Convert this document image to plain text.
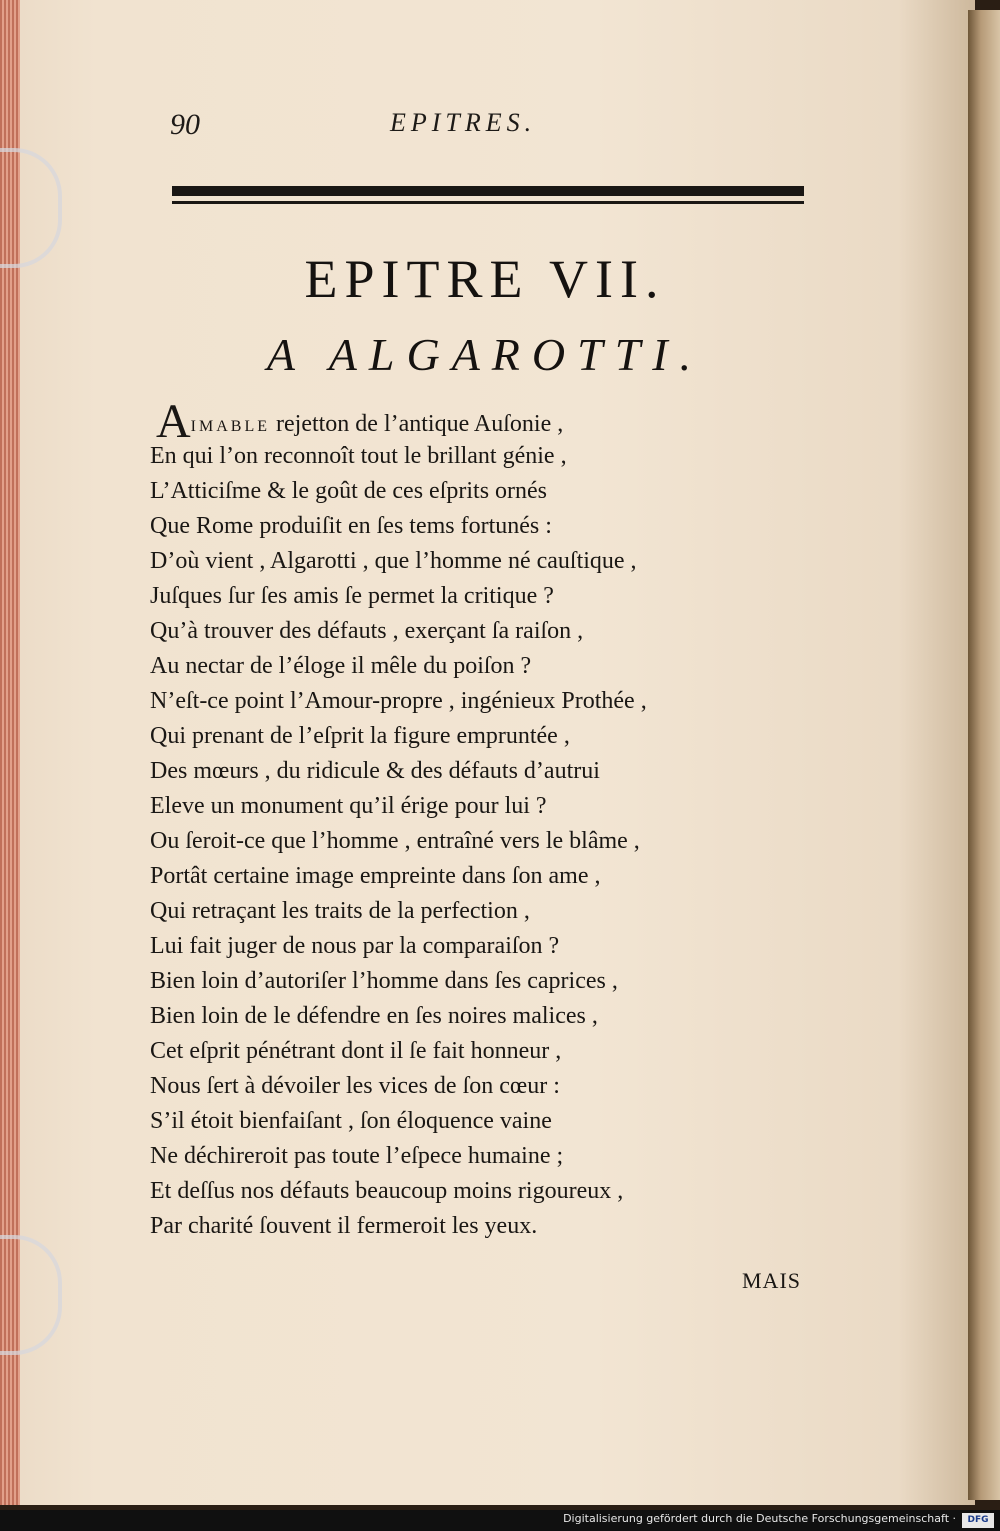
90	EPITRES.
EPITRE VII.
A ALGAROTTI.
AIMABLE rejetton de l’antique Auſonie ,
En qui l’on reconnoît tout le brillant génie ,
L’Atticiſme & le goût de ces eſprits ornés
Que Rome produiſit en ſes tems fortunés :
D’où vient , Algarotti , que l’homme né cauſtique ,
Juſques ſur ſes amis ſe permet la critique ?
Qu’à trouver des défauts , exerçant ſa raiſon ,
Au nectar de l’éloge il mêle du poiſon ?
N’eſt-ce point l’Amour-propre , ingénieux Prothée ,
Qui prenant de l’eſprit la figure empruntée ,
Des mœurs , du ridicule & des défauts d’autrui
Eleve un monument qu’il érige pour lui ?
Ou ſeroit-ce que l’homme , entraîné vers le blâme ,
Portât certaine image empreinte dans ſon ame ,
Qui retraçant les traits de la perfection ,
Lui fait juger de nous par la comparaiſon ?
Bien loin d’autoriſer l’homme dans ſes caprices ,
Bien loin de le défendre en ſes noires malices ,
Cet eſprit pénétrant dont il ſe fait honneur ,
Nous ſert à dévoiler les vices de ſon cœur :
S’il étoit bienfaiſant , ſon éloquence vaine
Ne déchireroit pas toute l’eſpece humaine ;
Et deſſus nos défauts beaucoup moins rigoureux ,
Par charité ſouvent il fermeroit les yeux.
MAIS
Digitalisierung gefördert durch die Deutsche Forschungsgemeinschaft ·	DFG
